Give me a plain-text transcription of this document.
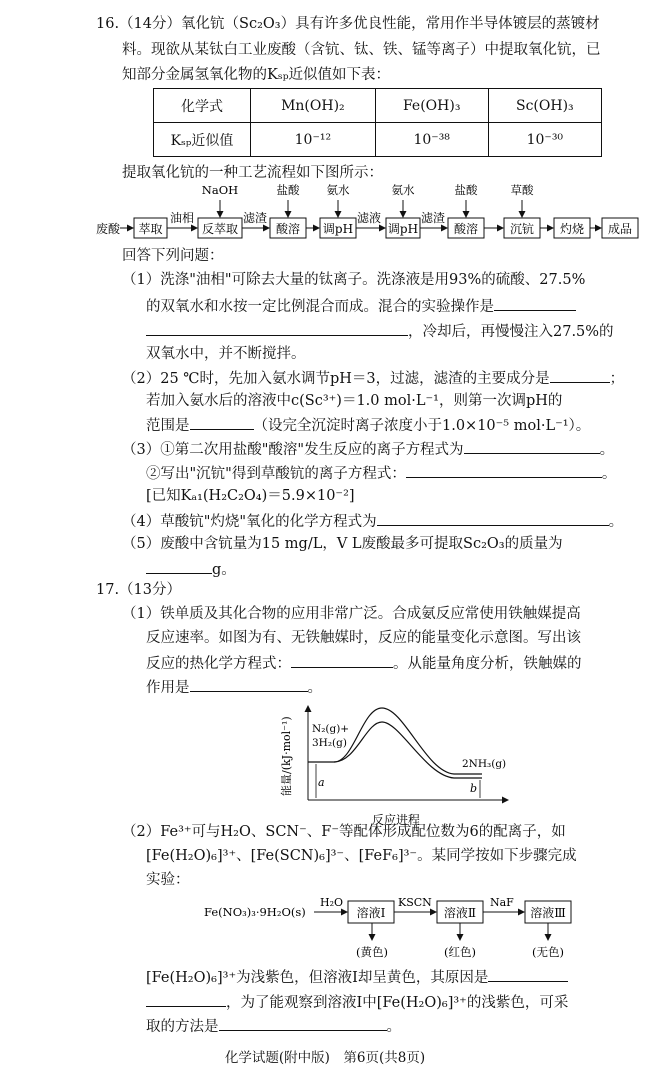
16.（14分）氧化钪（Sc₂O₃）具有许多优良性能，常用作半导体镀层的蒸镀材
料。现欲从某钛白工业废酸（含钪、钛、铁、锰等离子）中提取氧化钪，已
知部分金属氢氧化物的Kₛₚ近似值如下表：
化学式	Mn(OH)₂	Fe(OH)₃	Sc(OH)₃
Kₛₚ近似值	10⁻¹²	10⁻³⁸	10⁻³⁰
提取氧化钪的一种工艺流程如下图所示：
废酸 萃取	反萃取	酸溶 调pH	调pH	酸溶	沉钪 灼烧 成品
油相	滤渣	滤液	滤渣
NaOH	盐酸 氨水	氨水	盐酸	草酸
回答下列问题：
（1）洗涤"油相"可除去大量的钛离子。洗涤液是用93%的硫酸、27.5%
的双氧水和水按一定比例混合而成。混合的实验操作是
，冷却后，再慢慢注入27.5%的
双氧水中，并不断搅拌。
（2）25 ℃时，先加入氨水调节pH＝3，过滤，滤渣的主要成分是	；
若加入氨水后的溶液中c(Sc³⁺)＝1.0 mol·L⁻¹，则第一次调pH的
范围是	（设完全沉淀时离子浓度小于1.0×10⁻⁵ mol·L⁻¹）。
（3）①第二次用盐酸"酸溶"发生反应的离子方程式为	。
②写出"沉钪"得到草酸钪的离子方程式：	。
[已知Kₐ₁(H₂C₂O₄)＝5.9×10⁻²]
（4）草酸钪"灼烧"氧化的化学方程式为	。
（5）废酸中含钪量为15 mg/L，V L废酸最多可提取Sc₂O₃的质量为
g。
17.（13分）
（1）铁单质及其化合物的应用非常广泛。合成氨反应常使用铁触媒提高
反应速率。如图为有、无铁触媒时，反应的能量变化示意图。写出该
反应的热化学方程式：	。从能量角度分析，铁触媒的
作用是	。
能量/(kJ·mol⁻¹)
反应进程
N₂(g)+
3H₂(g)
2NH₃(g)
a	b
（2）Fe³⁺可与H₂O、SCN⁻、F⁻等配体形成配位数为6的配离子，如
[Fe(H₂O)₆]³⁺、[Fe(SCN)₆]³⁻、[FeF₆]³⁻。某同学按如下步骤完成
实验：
Fe(NO₃)₃·9H₂O(s)
H₂O	KSCN	NaF
溶液Ⅰ	溶液Ⅱ	溶液Ⅲ
(黄色)	(红色)	(无色)
[Fe(H₂O)₆]³⁺为浅紫色，但溶液Ⅰ却呈黄色，其原因是
，为了能观察到溶液Ⅰ中[Fe(H₂O)₆]³⁺的浅紫色，可采
取的方法是	。
化学试题(附中版)　第6页(共8页)
